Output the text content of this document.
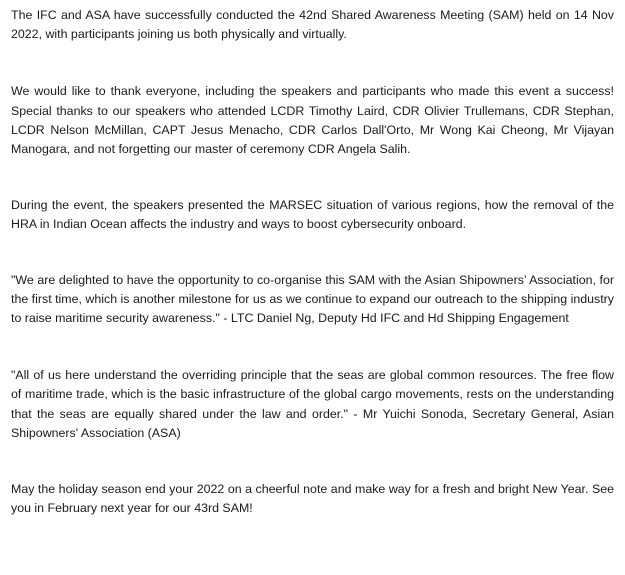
The IFC and ASA have successfully conducted the 42nd Shared Awareness Meeting (SAM) held on 14 Nov 2022, with participants joining us both physically and virtually.

We would like to thank everyone, including the speakers and participants who made this event a success! Special thanks to our speakers who attended LCDR Timothy Laird, CDR Olivier Trullemans, CDR Stephan, LCDR Nelson McMillan, CAPT Jesus Menacho, CDR Carlos Dall'Orto, Mr Wong Kai Cheong, Mr Vijayan Manogara, and not forgetting our master of ceremony CDR Angela Salih.

During the event, the speakers presented the MARSEC situation of various regions, how the removal of the HRA in Indian Ocean affects the industry and ways to boost cybersecurity onboard.

"We are delighted to have the opportunity to co-organise this SAM with the Asian Shipowners’ Association, for the first time, which is another milestone for us as we continue to expand our outreach to the shipping industry to raise maritime security awareness." - LTC Daniel Ng, Deputy Hd IFC and Hd Shipping Engagement

"All of us here understand the overriding principle that the seas are global common resources. The free flow of maritime trade, which is the basic infrastructure of the global cargo movements, rests on the understanding that the seas are equally shared under the law and order." - Mr Yuichi Sonoda, Secretary General, Asian Shipowners' Association (ASA)

May the holiday season end your 2022 on a cheerful note and make way for a fresh and bright New Year. See you in February next year for our 43rd SAM!
